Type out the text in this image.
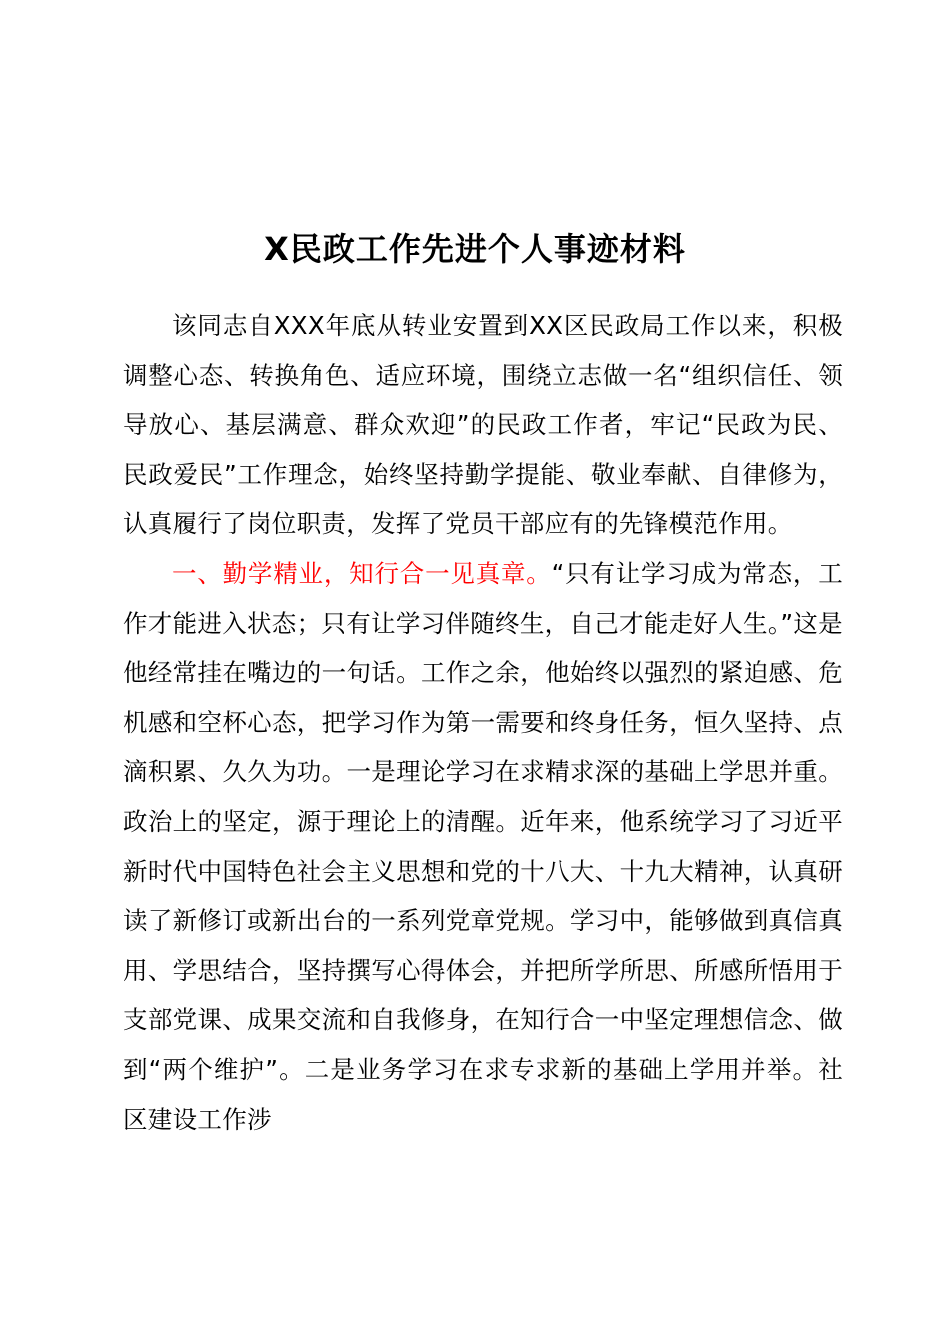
X民政工作先进个人事迹材料

该同志自XXX年底从转业安置到XX区民政局工作以来，积极调整心态、转换角色、适应环境，围绕立志做一名“组织信任、领导放心、基层满意、群众欢迎”的民政工作者，牢记“民政为民、民政爱民”工作理念，始终坚持勤学提能、敬业奉献、自律修为，认真履行了岗位职责，发挥了党员干部应有的先锋模范作用。

一、勤学精业，知行合一见真章。“只有让学习成为常态，工作才能进入状态；只有让学习伴随终生，自己才能走好人生。”这是他经常挂在嘴边的一句话。工作之余，他始终以强烈的紧迫感、危机感和空杯心态，把学习作为第一需要和终身任务，恒久坚持、点滴积累、久久为功。一是理论学习在求精求深的基础上学思并重。政治上的坚定，源于理论上的清醒。近年来，他系统学习了习近平新时代中国特色社会主义思想和党的十八大、十九大精神，认真研读了新修订或新出台的一系列党章党规。学习中，能够做到真信真用、学思结合，坚持撰写心得体会，并把所学所思、所感所悟用于支部党课、成果交流和自我修身，在知行合一中坚定理想信念、做到“两个维护”。二是业务学习在求专求新的基础上学用并举。社区建设工作涉
